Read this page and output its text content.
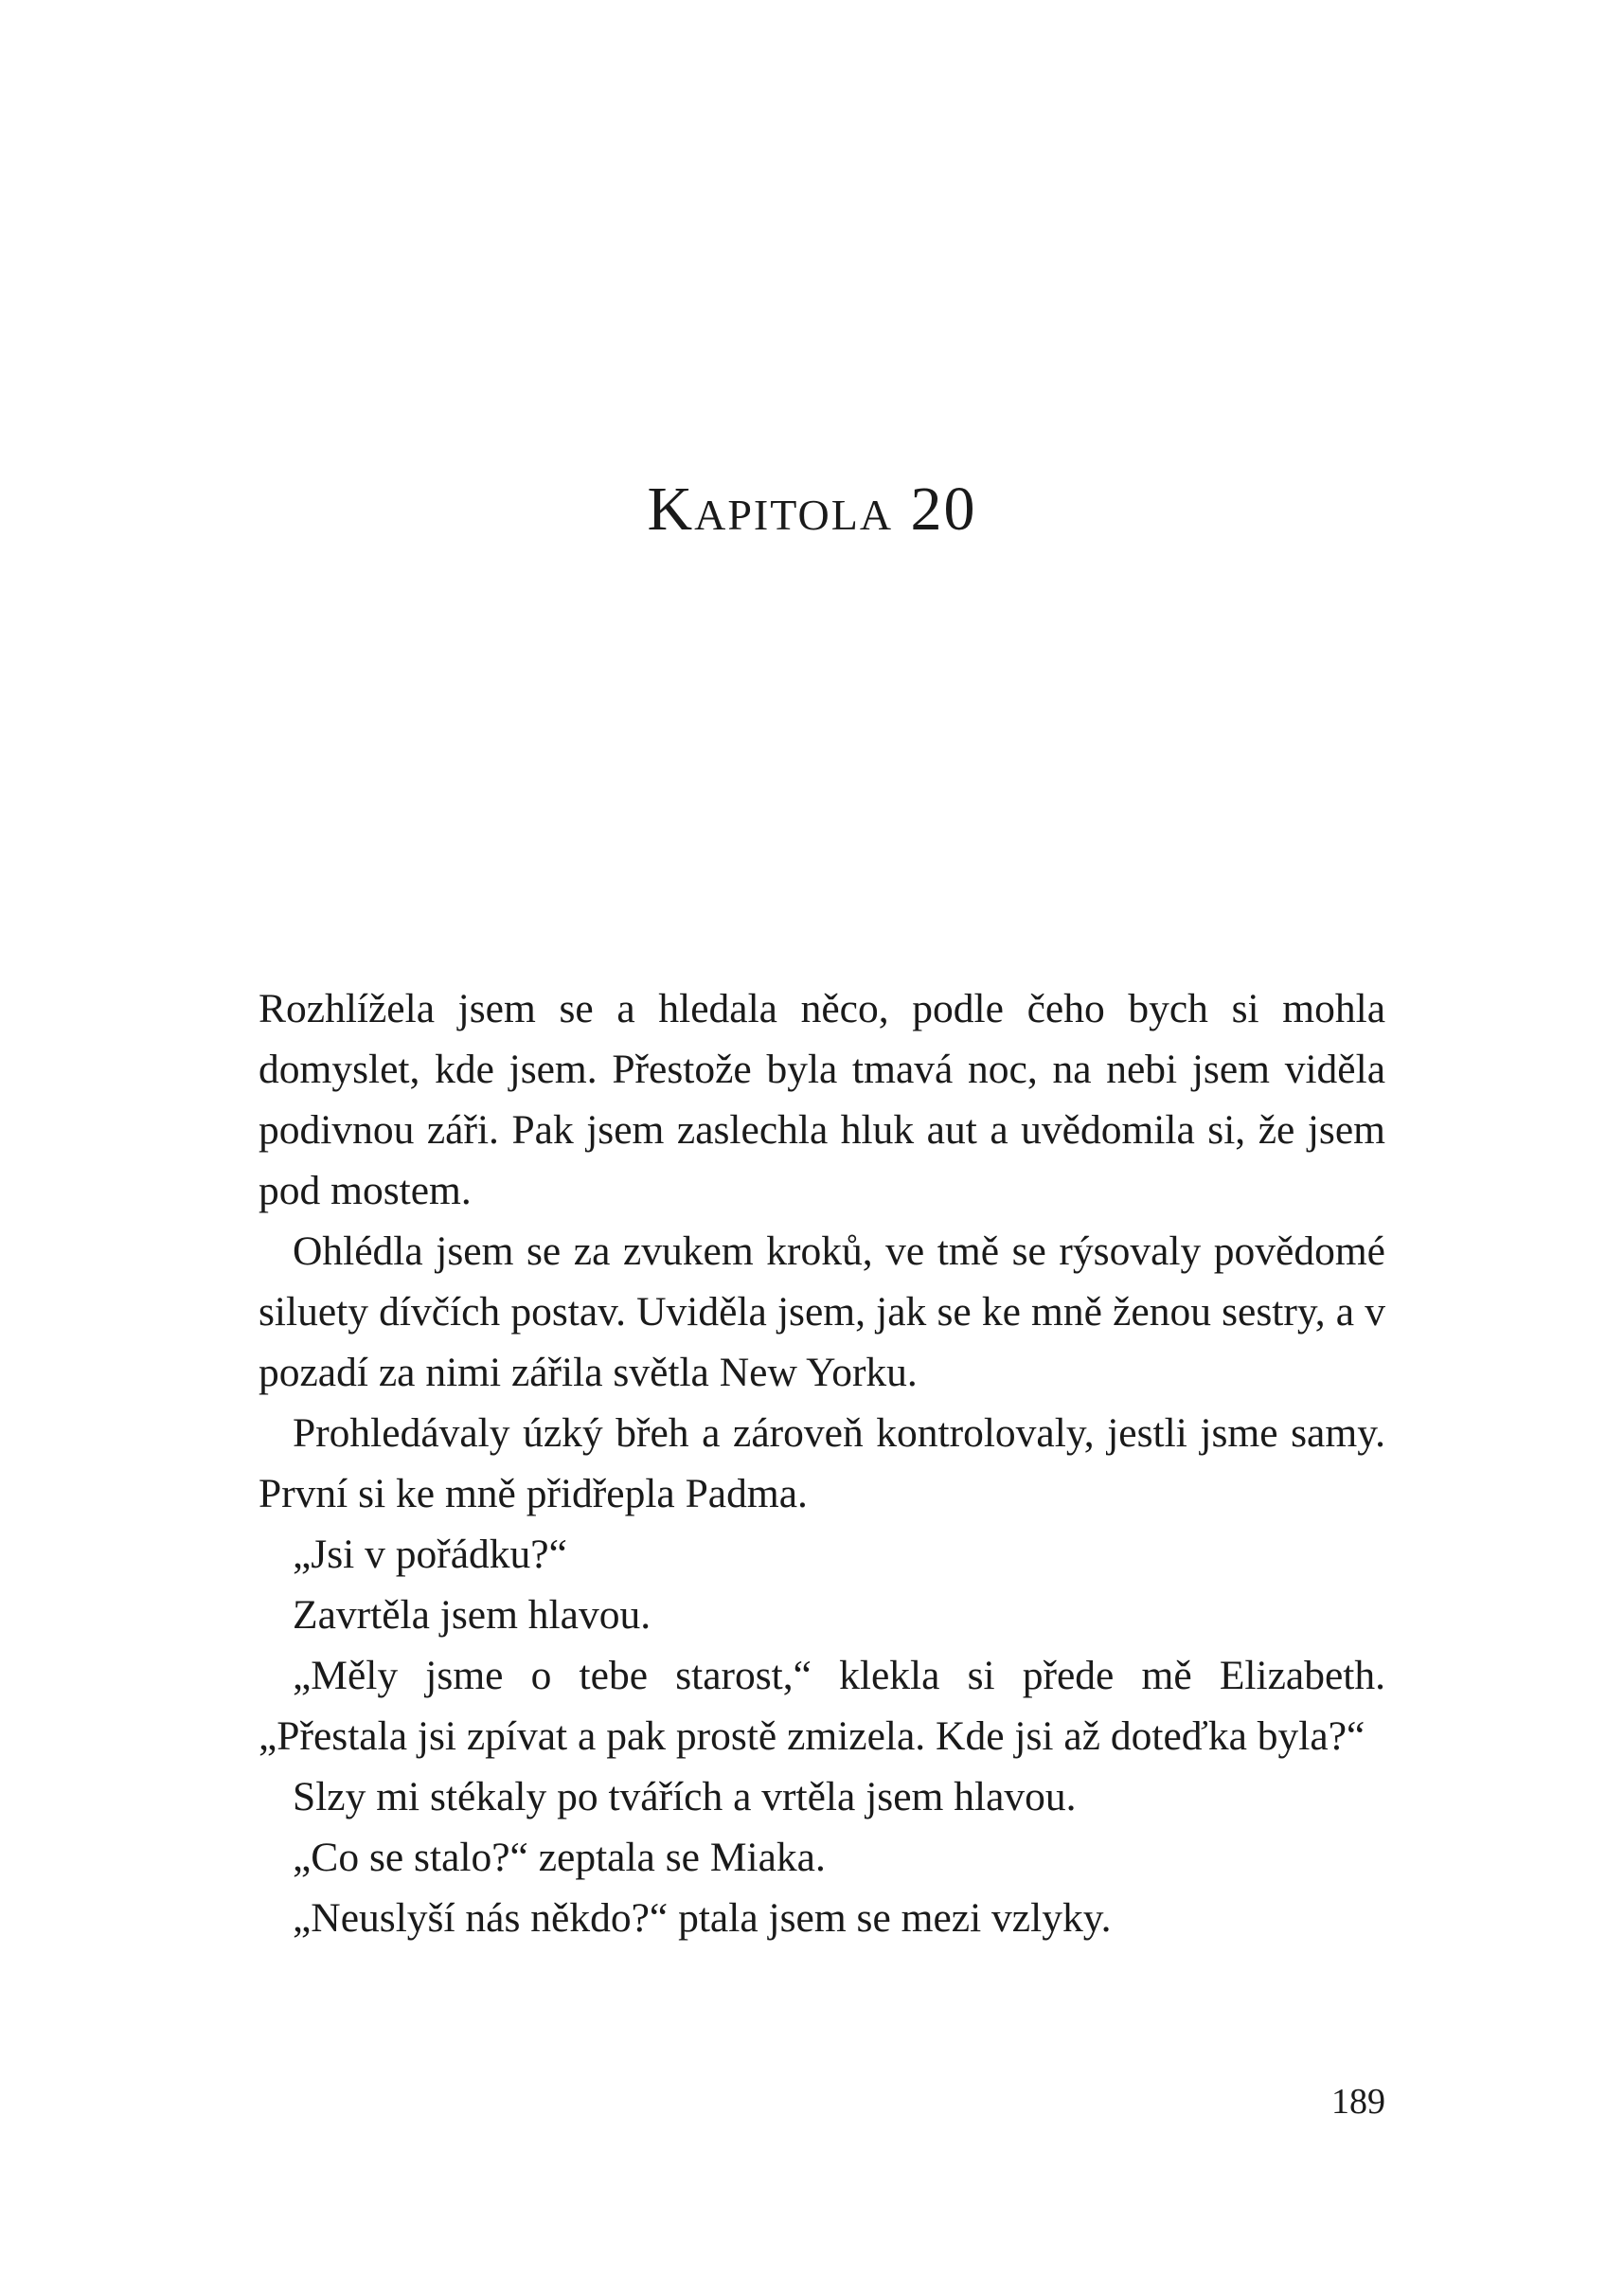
Kapitola 20

Rozhlížela jsem se a hledala něco, podle čeho bych si mohla domyslet, kde jsem. Přestože byla tmavá noc, na nebi jsem viděla podivnou záři. Pak jsem zaslechla hluk aut a uvědomila si, že jsem pod mostem.

Ohlédla jsem se za zvukem kroků, ve tmě se rýsovaly povědomé siluety dívčích postav. Uviděla jsem, jak se ke mně ženou sestry, a v pozadí za nimi zářila světla New Yorku.

Prohledávaly úzký břeh a zároveň kontrolovaly, jestli jsme samy. První si ke mně přidřepla Padma.

„Jsi v pořádku?“

Zavrtěla jsem hlavou.

„Měly jsme o tebe starost,“ klekla si přede mě Elizabeth. „Přestala jsi zpívat a pak prostě zmizela. Kde jsi až doteďka byla?“

Slzy mi stékaly po tvářích a vrtěla jsem hlavou.

„Co se stalo?“ zeptala se Miaka.

„Neuslyší nás někdo?“ ptala jsem se mezi vzlyky.

189
